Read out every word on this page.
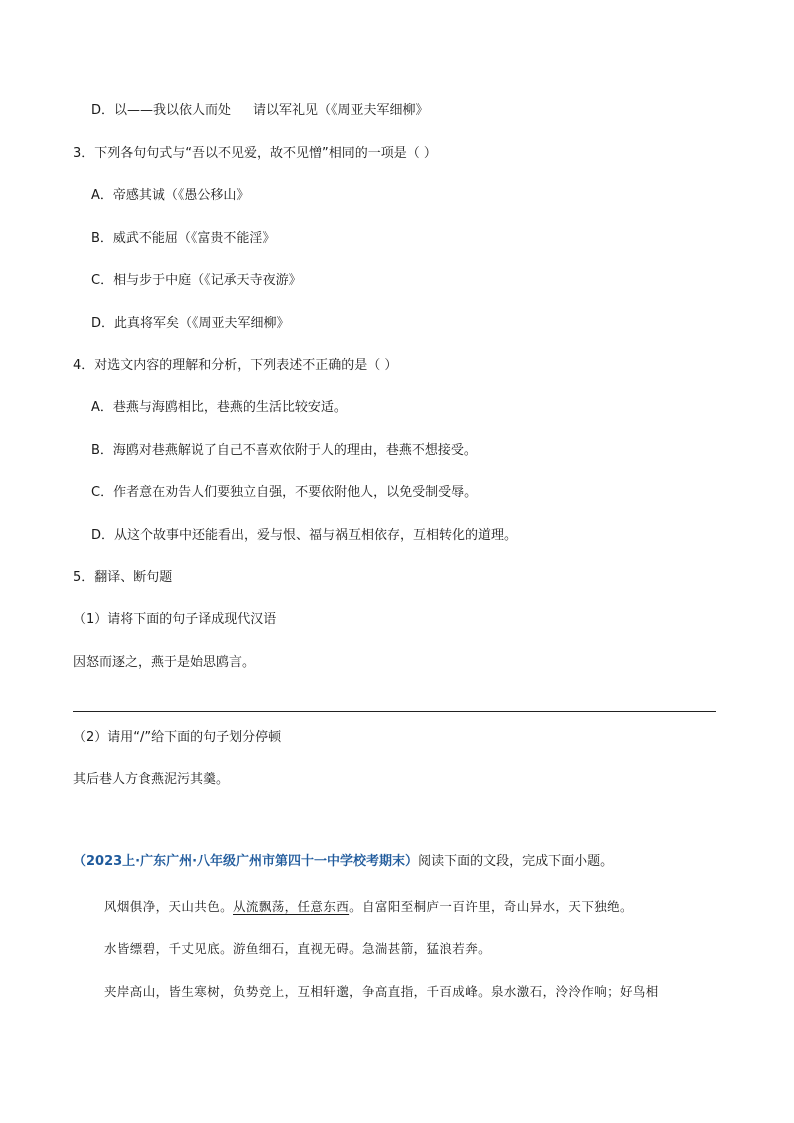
D．以——我以依人而处 请以军礼见（《周亚夫军细柳》
3．下列各句句式与“吾以不见爱，故不见憎”相同的一项是（ ）
A．帝感其诚（《愚公移山》
B．威武不能屈（《富贵不能淫》
C．相与步于中庭（《记承天寺夜游》
D．此真将军矣（《周亚夫军细柳》
4．对选文内容的理解和分析，下列表述不正确的是（ ）
A．巷燕与海鸥相比，巷燕的生活比较安适。
B．海鸥对巷燕解说了自己不喜欢依附于人的理由，巷燕不想接受。
C．作者意在劝告人们要独立自强，不要依附他人，以免受制受辱。
D．从这个故事中还能看出，爱与恨、福与祸互相依存，互相转化的道理。
5．翻译、断句题
（1）请将下面的句子译成现代汉语
因怒而逐之，燕于是始思鸥言。
（2）请用“/”给下面的句子划分停顿
其后巷人方食燕泥污其羹。
（2023上·广东广州·八年级广州市第四十一中学校考期末）阅读下面的文段，完成下面小题。
风烟俱净，天山共色。从流飘荡，任意东西。自富阳至桐庐一百许里，奇山异水，天下独绝。
水皆缥碧，千丈见底。游鱼细石，直视无碍。急湍甚箭，猛浪若奔。
夹岸高山，皆生寒树，负势竞上，互相轩邈，争高直指，千百成峰。泉水激石，泠泠作响；好鸟相
